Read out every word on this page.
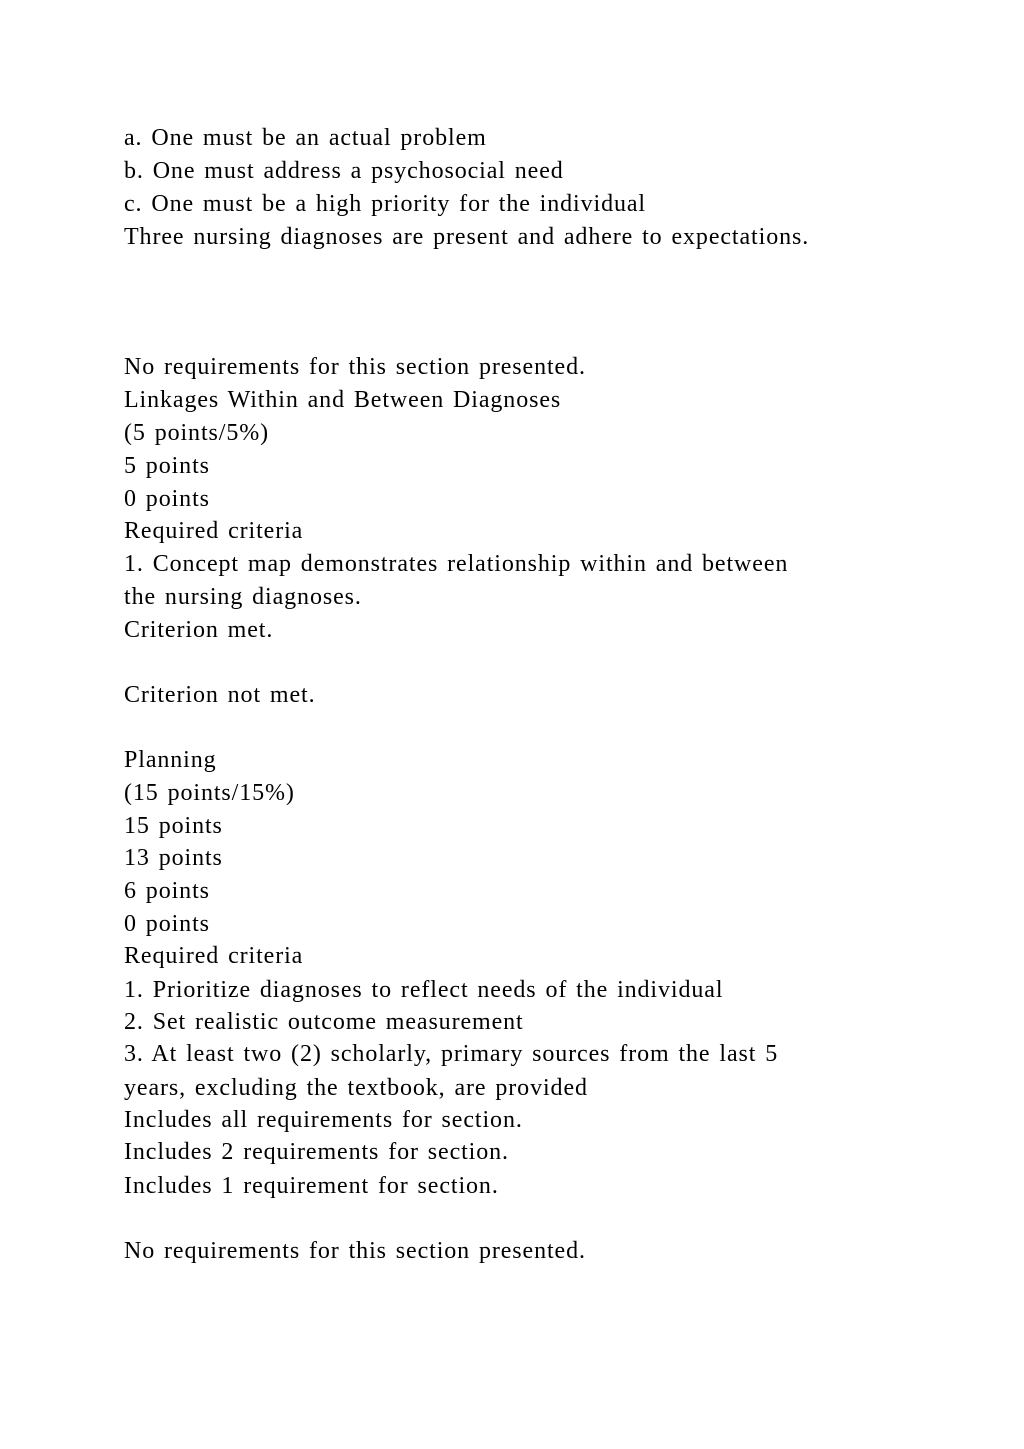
a. One must be an actual problem
b. One must address a psychosocial need
c. One must be a high priority for the individual
Three nursing diagnoses are present and adhere to expectations.
No requirements for this section presented.
Linkages Within and Between Diagnoses
(5 points/5%)
5 points
0 points
Required criteria
1. Concept map demonstrates relationship within and between
the nursing diagnoses.
Criterion met.
Criterion not met.
Planning
(15 points/15%)
15 points
13 points
6 points
0 points
Required criteria
1. Prioritize diagnoses to reflect needs of the individual
2. Set realistic outcome measurement
3. At least two (2) scholarly, primary sources from the last 5
years, excluding the textbook, are provided
Includes all requirements for section.
Includes 2 requirements for section.
Includes 1 requirement for section.
No requirements for this section presented.
